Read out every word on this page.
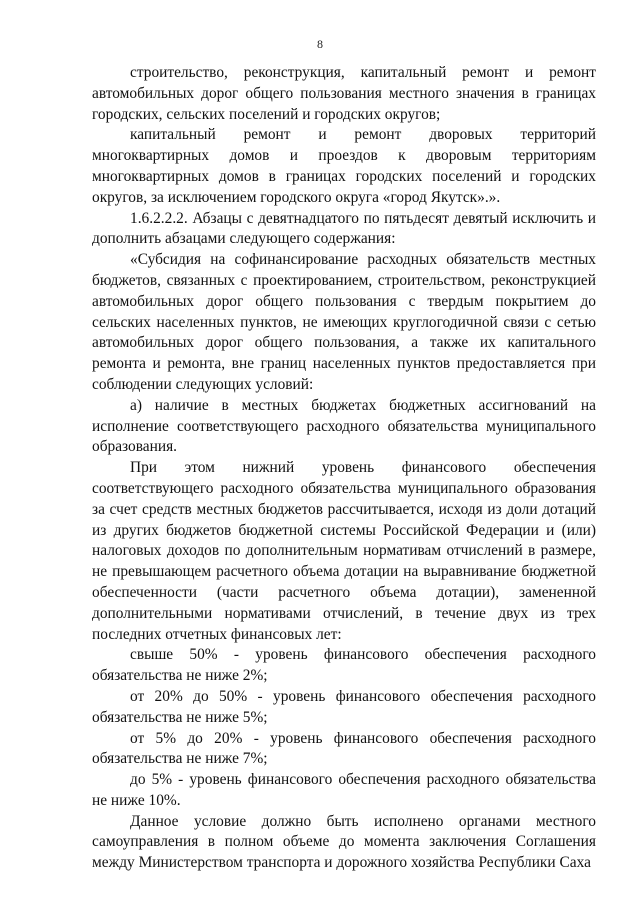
8

строительство, реконструкция, капитальный ремонт и ремонт автомобильных дорог общего пользования местного значения в границах городских, сельских поселений и городских округов;

капитальный ремонт и ремонт дворовых территорий многоквартирных домов и проездов к дворовым территориям многоквартирных домов в границах городских поселений и городских округов, за исключением городского округа «город Якутск».».

1.6.2.2.2. Абзацы с девятнадцатого по пятьдесят девятый исключить и дополнить абзацами следующего содержания:

«Субсидия на софинансирование расходных обязательств местных бюджетов, связанных с проектированием, строительством, реконструкцией автомобильных дорог общего пользования с твердым покрытием до сельских населенных пунктов, не имеющих круглогодичной связи с сетью автомобильных дорог общего пользования, а также их капитального ремонта и ремонта, вне границ населенных пунктов предоставляется при соблюдении следующих условий:

а) наличие в местных бюджетах бюджетных ассигнований на исполнение соответствующего расходного обязательства муниципального образования.

При этом нижний уровень финансового обеспечения соответствующего расходного обязательства муниципального образования за счет средств местных бюджетов рассчитывается, исходя из доли дотаций из других бюджетов бюджетной системы Российской Федерации и (или) налоговых доходов по дополнительным нормативам отчислений в размере, не превышающем расчетного объема дотации на выравнивание бюджетной обеспеченности (части расчетного объема дотации), замененной дополнительными нормативами отчислений, в течение двух из трех последних отчетных финансовых лет:

свыше 50% - уровень финансового обеспечения расходного обязательства не ниже 2%;

от 20% до 50% - уровень финансового обеспечения расходного обязательства не ниже 5%;

от 5% до 20% - уровень финансового обеспечения расходного обязательства не ниже 7%;

до 5% - уровень финансового обеспечения расходного обязательства не ниже 10%.

Данное условие должно быть исполнено органами местного самоуправления в полном объеме до момента заключения Соглашения между Министерством транспорта и дорожного хозяйства Республики Саха
